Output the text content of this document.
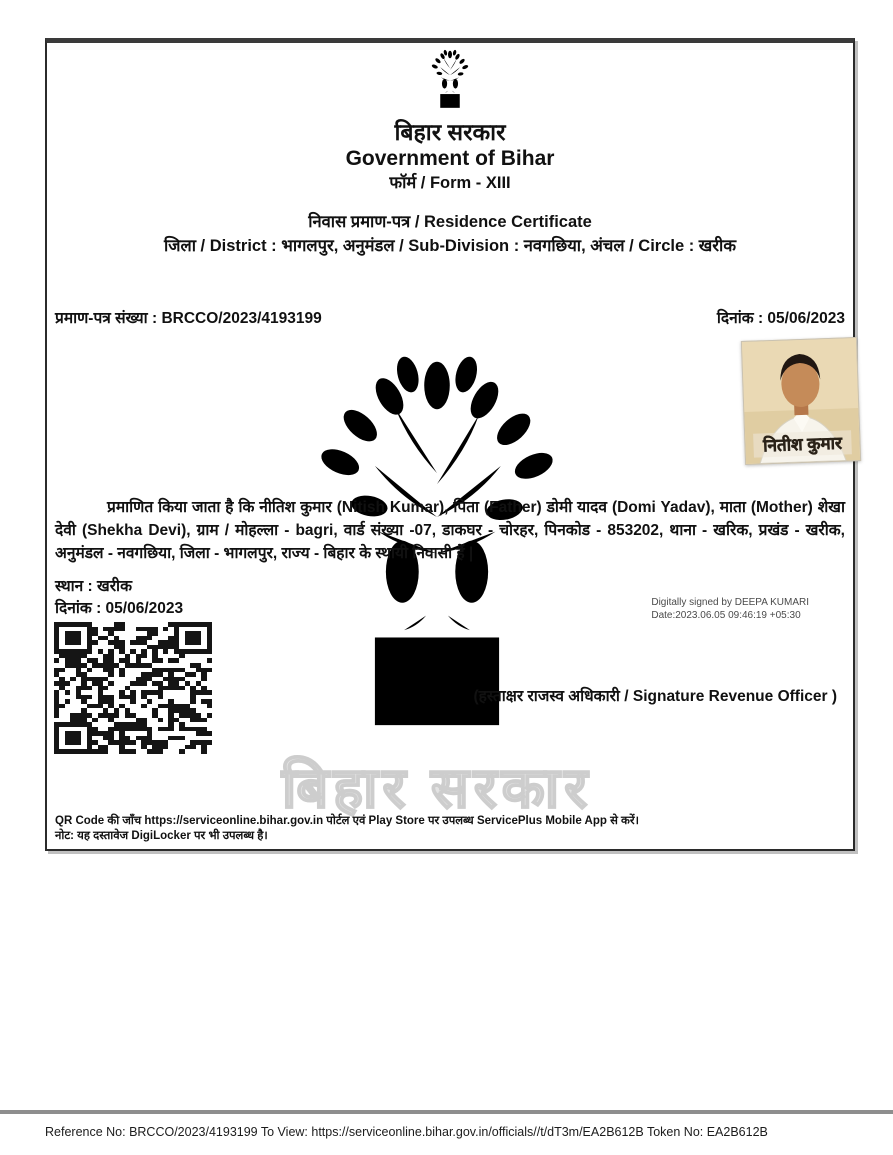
बिहार सरकार
बिहार सरकार
Government of Bihar
फॉर्म / Form - XIII
निवास प्रमाण-पत्र / Residence Certificate
जिला / District : भागलपुर, अनुमंडल / Sub-Division : नवगछिया, अंचल / Circle : खरीक
प्रमाण-पत्र संख्या : BRCCO/2023/4193199	दिनांक : 05/06/2023
नितीश कुमार

प्रमाणित किया जाता है कि नीतिश कुमार (Nitish Kumar), पिता (Father) डोमी यादव (Domi Yadav), माता (Mother) शेखा देवी (Shekha Devi), ग्राम / मोहल्ला - bagri, वार्ड संख्या -07, डाकघर - चोरहर, पिनकोड - 853202, थाना - खरिक, प्रखंड - खरीक, अनुमंडल - नवगछिया, जिला - भागलपुर, राज्य - बिहार के स्थायी निवासी हैं |

स्थान : खरीक
दिनांक : 05/06/2023	Digitally signed by DEEPA KUMARI
Date:2023.06.05 09:46:19 +05:30
(हस्ताक्षर राजस्व अधिकारी / Signature Revenue Officer )
QR Code की जाँच https://serviceonline.bihar.gov.in पोर्टल एवं Play Store पर उपलब्ध ServicePlus Mobile App से करें।
नोट: यह दस्तावेज DigiLocker पर भी उपलब्ध है।
Reference No: BRCCO/2023/4193199 To View: https://serviceonline.bihar.gov.in/officials//t/dT3m/EA2B612B Token No: EA2B612B
